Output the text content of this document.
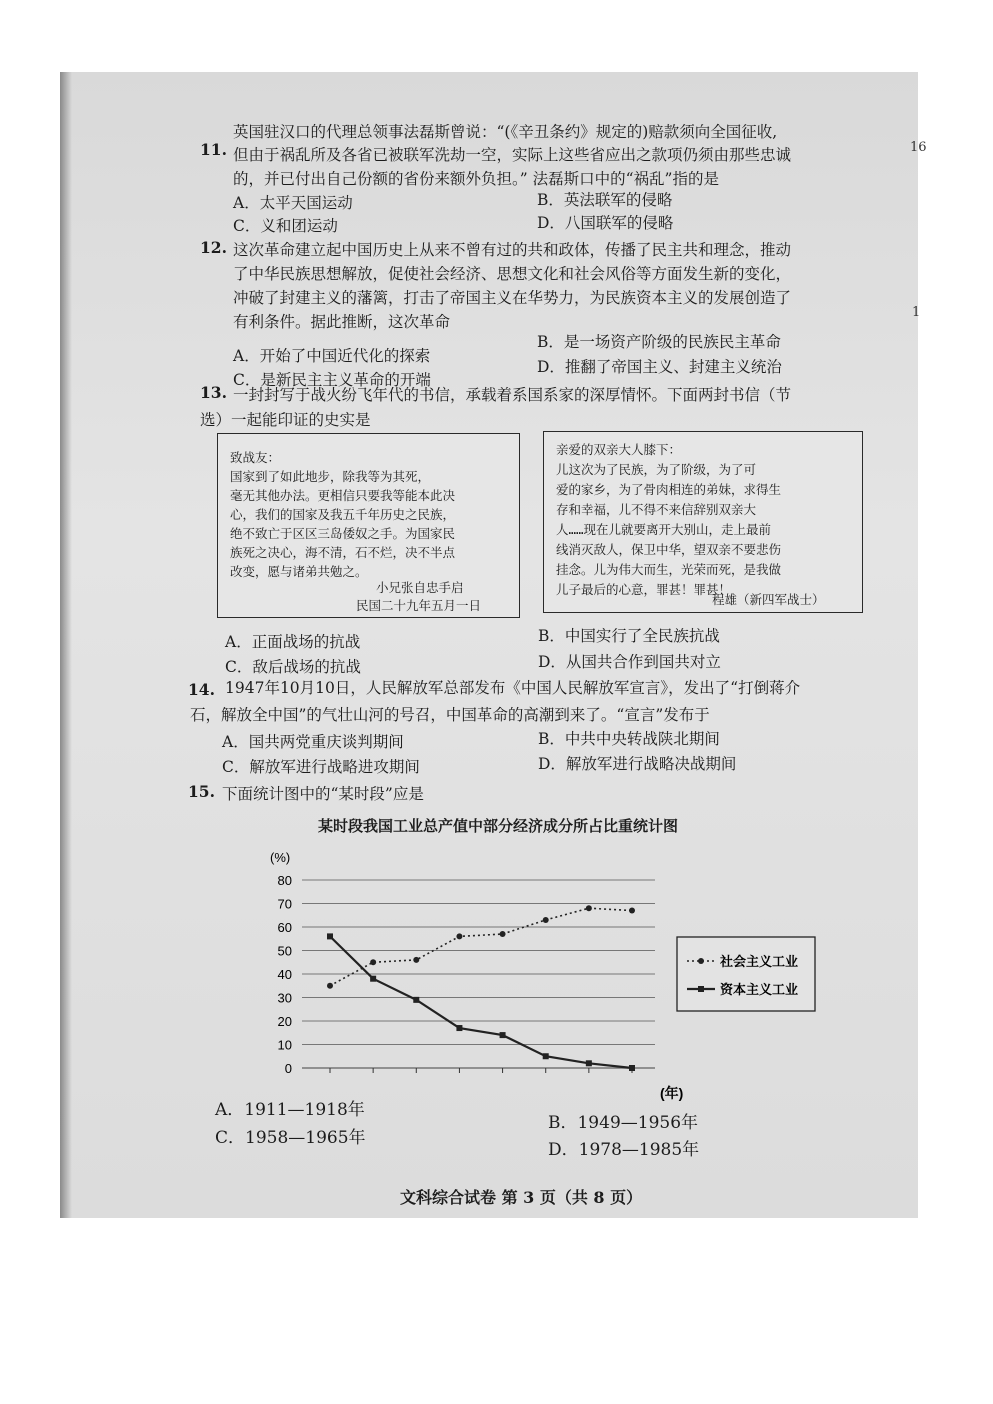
16
1
11.
英国驻汉口的代理总领事法磊斯曾说：“(《辛丑条约》规定的)赔款须向全国征收,
但由于祸乱所及各省已被联军洗劫一空，实际上这些省应出之款项仍须由那些忠诚
的，并已付出自己份额的省份来额外负担。” 法磊斯口中的“祸乱”指的是
A．太平天国运动	B．英法联军的侵略
C．义和团运动	D．八国联军的侵略
12. 这次革命建立起中国历史上从来不曾有过的共和政体，传播了民主共和理念，推动
了中华民族思想解放，促使社会经济、思想文化和社会风俗等方面发生新的变化，
冲破了封建主义的藩篱，打击了帝国主义在华势力，为民族资本主义的发展创造了
有利条件。据此推断，这次革命
A．开始了中国近代化的探索
B．是一场资产阶级的民族民主革命
C．是新民主主义革命的开端
D．推翻了帝国主义、封建主义统治
13. 一封封写于战火纷飞年代的书信，承载着系国系家的深厚情怀。下面两封书信（节
选）一起能印证的史实是
致战友：
国家到了如此地步，除我等为其死，
毫无其他办法。更相信只要我等能本此决
心，我们的国家及我五千年历史之民族，
绝不致亡于区区三岛倭奴之手。为国家民
族死之决心，海不清，石不烂，决不半点
改变，愿与诸弟共勉之。
小兄张自忠手启
民国二十九年五月一日
亲爱的双亲大人膝下：
儿这次为了民族，为了阶级，为了可
爱的家乡，为了骨肉相连的弟妹，求得生
存和幸福，儿不得不来信辞别双亲大
人……现在儿就要离开大别山，走上最前
线消灭敌人，保卫中华，望双亲不要悲伤
挂念。儿为伟大而生，光荣而死，是我做
儿子最后的心意，罪甚！罪甚！
程雄（新四军战士）
A．正面战场的抗战	B．中国实行了全民族抗战
C．敌后战场的抗战	D．从国共合作到国共对立
14. 1947年10月10日，人民解放军总部发布《中国人民解放军宣言》，发出了“打倒蒋介
石，解放全中国”的气壮山河的号召，中国革命的高潮到来了。“宣言”发布于
A．国共两党重庆谈判期间	B．中共中央转战陕北期间
C．解放军进行战略进攻期间	D．解放军进行战略决战期间
15. 下面统计图中的“某时段”应是
某时段我国工业总产值中部分经济成分所占比重统计图
(%)
(年)
80
70
60
50
40
30
20
10
0
社会主义工业
资本主义工业
A．1911—1918年
B．1949—1956年
C．1958—1965年
D．1978—1985年
文科综合试卷 第 3 页（共 8 页）
